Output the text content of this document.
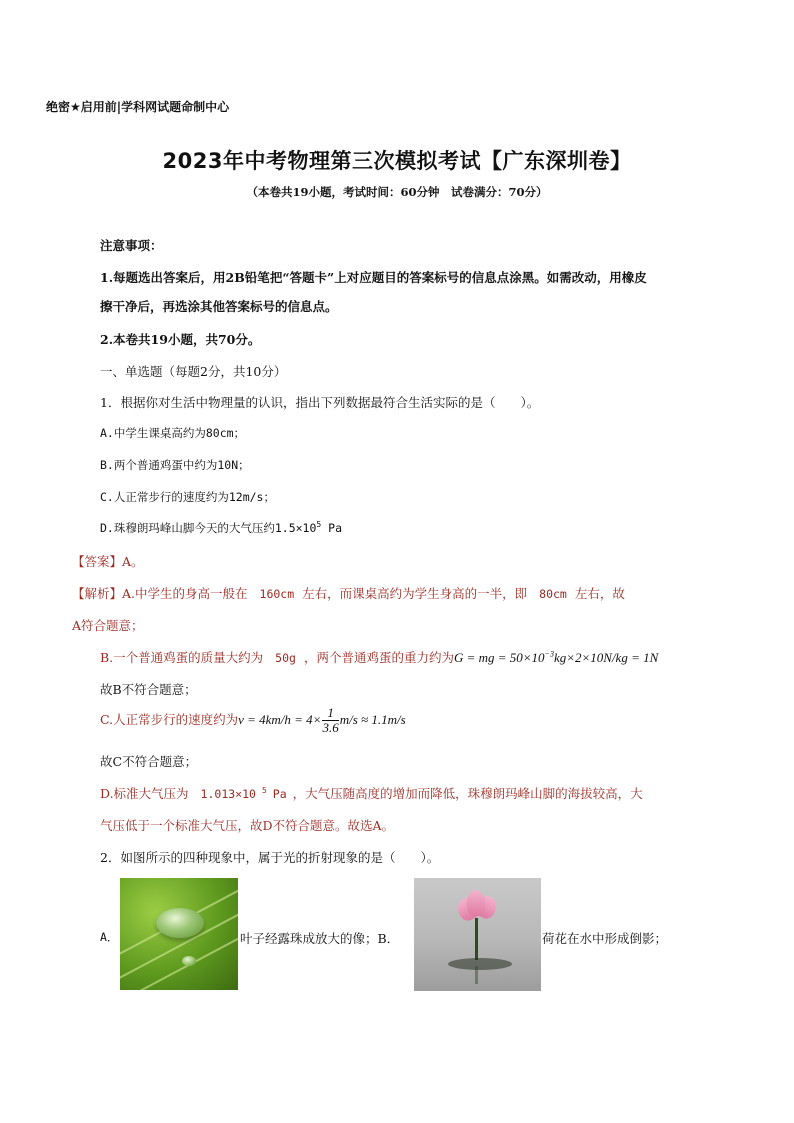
绝密★启用前|学科网试题命制中心
2023年中考物理第三次模拟考试【广东深圳卷】
（本卷共19小题，考试时间：60分钟　试卷满分：70分）
注意事项：
1.每题选出答案后，用2B铅笔把“答题卡”上对应题目的答案标号的信息点涂黑。如需改动，用橡皮
擦干净后，再选涂其他答案标号的信息点。
2.本卷共19小题，共70分。
一、单选题（每题2分，共10分）
1．根据你对生活中物理量的认识，指出下列数据最符合生活实际的是（　　）。
A.中学生课桌高约为80cm；
B.两个普通鸡蛋中约为10N；
C.人正常步行的速度约为12m/s；
D.珠穆朗玛峰山脚今天的大气压约$1.5\times 10^5$ Pa
【答案】A。
【解析】A.中学生的身高一般在 160cm 左右，而课桌高约为学生身高的一半，即 80cm 左右，故
A符合题意；
B.一个普通鸡蛋的质量大约为 50g ，两个普通鸡蛋的重力约为G = mg = $50\times 10^{-3}kg\times 2\times 10N/kg = 1N$
故B不符合题意；
C.人正常步行的速度约为$v = 4km/h = 4\times \frac{1}{3.6} m/s \approx 1.1m/s$
故C不符合题意；
D.标准大气压为 1.013×10 $^5$ Pa ，大气压随高度的增加而降低，珠穆朗玛峰山脚的海拔较高，大
气压低于一个标准大气压，故D不符合题意。故选A。
2．如图所示的四种现象中，属于光的折射现象的是（　　）。
A．	叶子经露珠成放大的像；B．	荷花在水中形成倒影；
